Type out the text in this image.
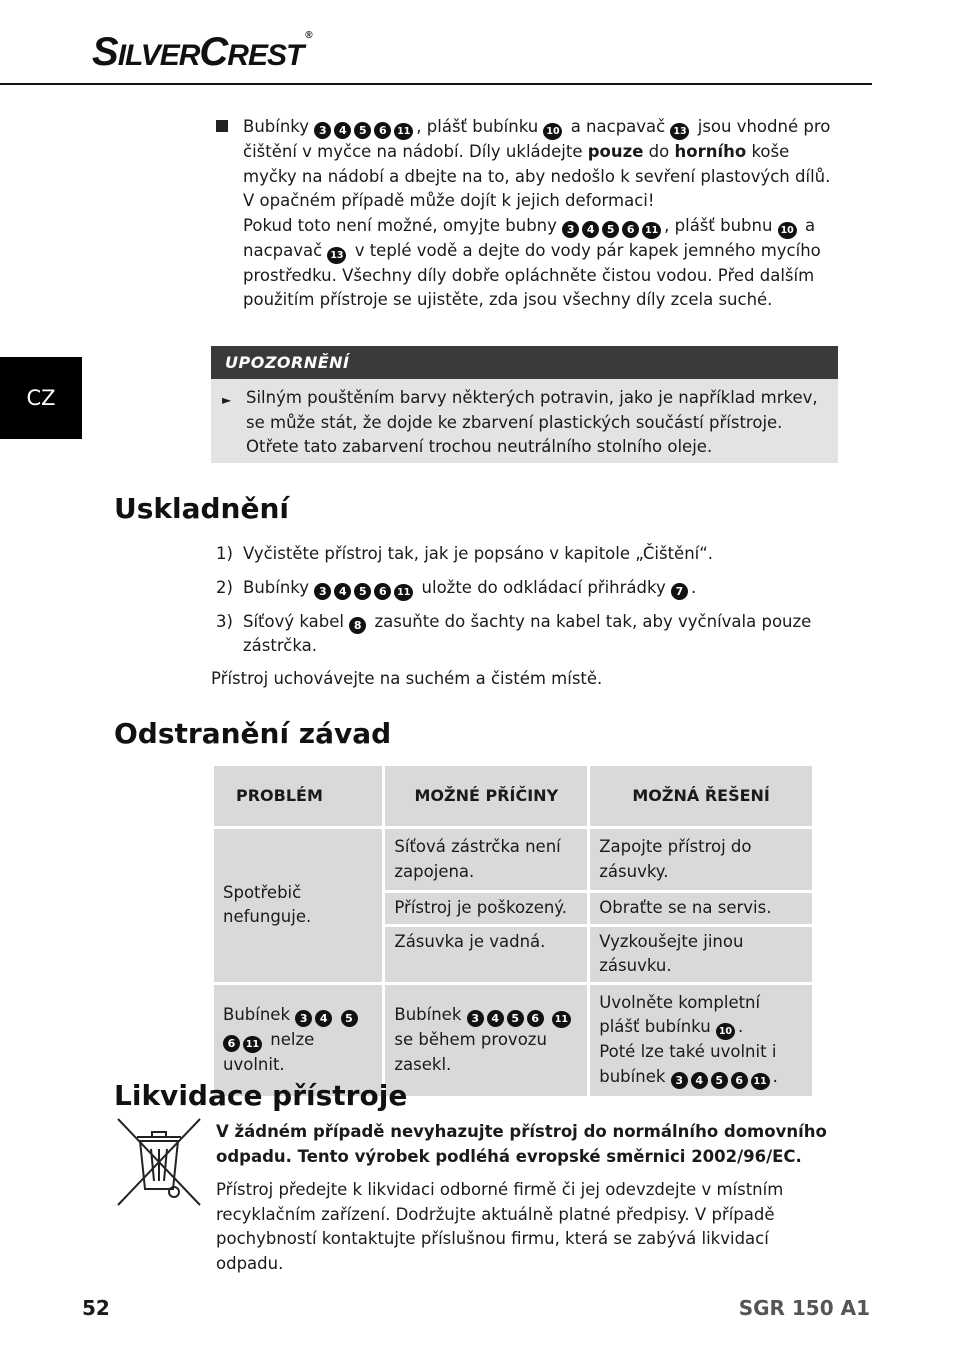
SILVERCREST®
CZ
Bubínky 3 4 5 6 11 , plášť bubínku 10 a nacpavač 13 jsou vhodné pro čištění v myčce na nádobí. Díly ukládejte pouze do horního koše myčky na nádobí a dbejte na to, aby nedošlo k sevření plastových dílů. V opačném případě může dojít k jejich deformaci!
Pokud toto není možné, omyjte bubny 3 4 5 6 11 , plášť bubnu 10 a nacpavač 13 v teplé vodě a dejte do vody pár kapek jemného mycího prostředku. Všechny díly dobře opláchněte čistou vodou. Před dalším použitím přístroje se ujistěte, zda jsou všechny díly zcela suché.
UPOZORNĚNÍ
► Silným pouštěním barvy některých potravin, jako je například mrkev, se může stát, že dojde ke zbarvení plastických součástí přístroje. Otřete tato zabarvení trochou neutrálního stolního oleje.
Uskladnění
1) Vyčistěte přístroj tak, jak je popsáno v kapitole „Čištění“.
2) Bubínky 3 4 5 6 11 uložte do odkládací přihrádky 7 .
3) Síťový kabel 8 zasuňte do šachty na kabel tak, aby vyčnívala pouze zástrčka.
Přístroj uchovávejte na suchém a čistém místě.
Odstranění závad
PROBLÉM	MOŽNÉ PŘÍČINY	MOŽNÁ ŘEŠENÍ
Spotřebič nefunguje.	Síťová zástrčka není zapojena.	Zapojte přístroj do zásuvky.
	Přístroj je poškozený.	Obraťte se na servis.
	Zásuvka je vadná.	Vyzkoušejte jinou zásuvku.
Bubínek 3 4 56 11 nelze uvolnit.	Bubínek 3 4 5 6 11 se během provozu zasekl.	Uvolněte kompletní plášť bubínku 10 .
Poté lze také uvolnit i bubínek 3 4 5 6 11 .
Likvidace přístroje
V žádném případě nevyhazujte přístroj do normálního domovního odpadu. Tento výrobek podléhá evropské směrnici 2002/96/EC.
Přístroj předejte k likvidaci odborné firmě či jej odevzdejte v místním recyklačním zařízení. Dodržujte aktuálně platné předpisy. V případě pochybností kontaktujte příslušnou firmu, která se zabývá likvidací odpadu.
52	SGR 150 A1
